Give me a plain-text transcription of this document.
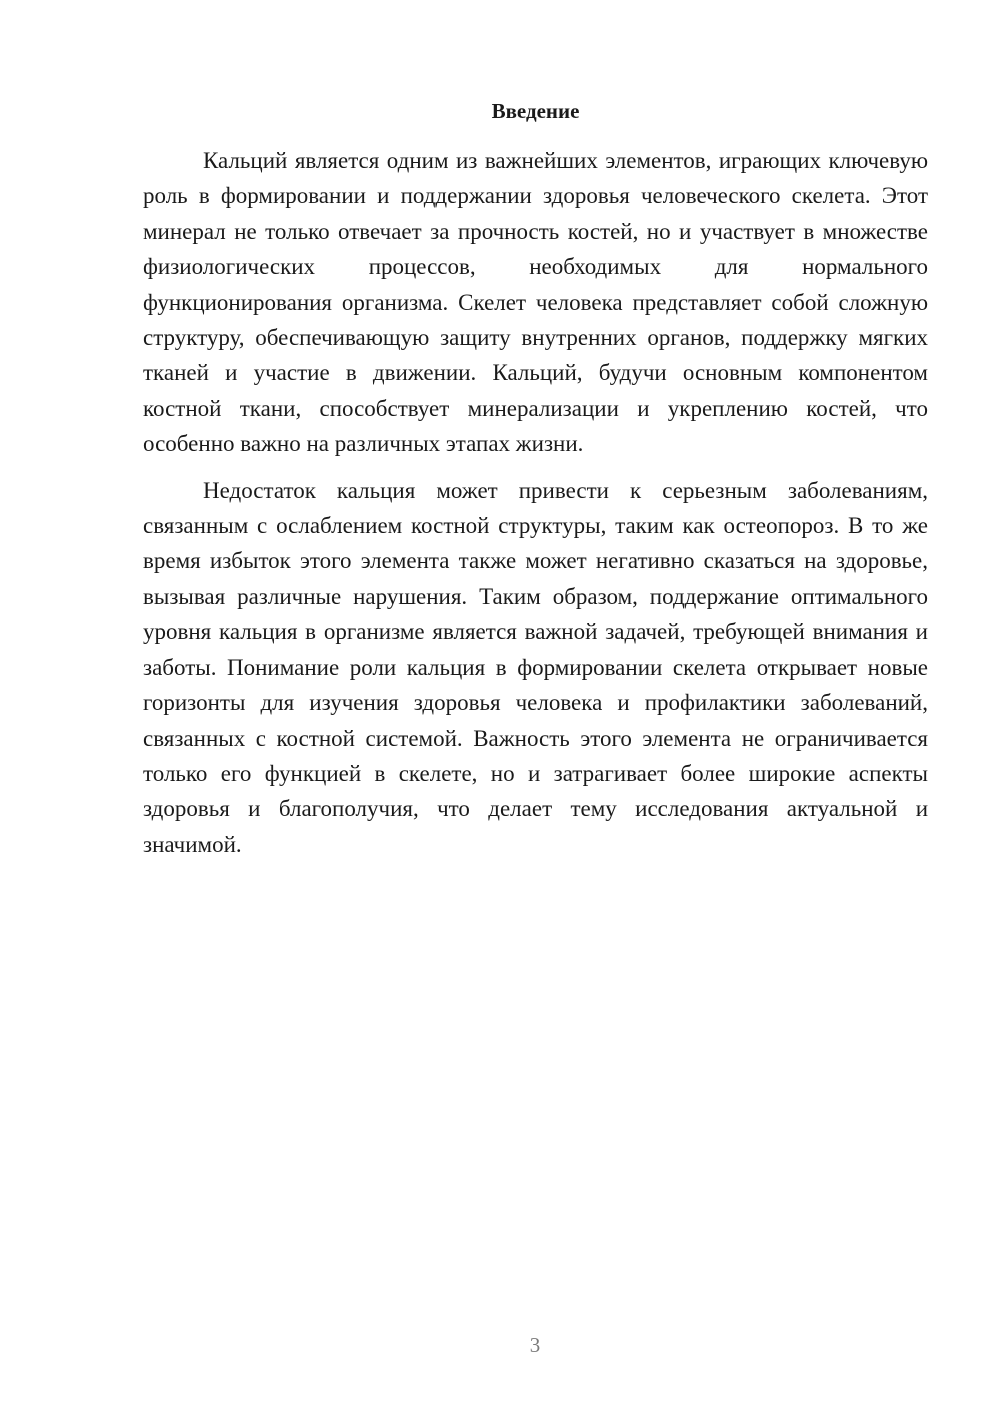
Введение

Кальций является одним из важнейших элементов, играющих ключевую роль в формировании и поддержании здоровья человеческого скелета. Этот минерал не только отвечает за прочность костей, но и участвует в множестве физиологических процессов, необходимых для нормального функционирования организма. Скелет человека представляет собой сложную структуру, обеспечивающую защиту внутренних органов, поддержку мягких тканей и участие в движении. Кальций, будучи основным компонентом костной ткани, способствует минерализации и укреплению костей, что особенно важно на различных этапах жизни.

Недостаток кальция может привести к серьезным заболеваниям, связанным с ослаблением костной структуры, таким как остеопороз. В то же время избыток этого элемента также может негативно сказаться на здоровье, вызывая различные нарушения. Таким образом, поддержание оптимального уровня кальция в организме является важной задачей, требующей внимания и заботы. Понимание роли кальция в формировании скелета открывает новые горизонты для изучения здоровья человека и профилактики заболеваний, связанных с костной системой. Важность этого элемента не ограничивается только его функцией в скелете, но и затрагивает более широкие аспекты здоровья и благополучия, что делает тему исследования актуальной и значимой.

3
